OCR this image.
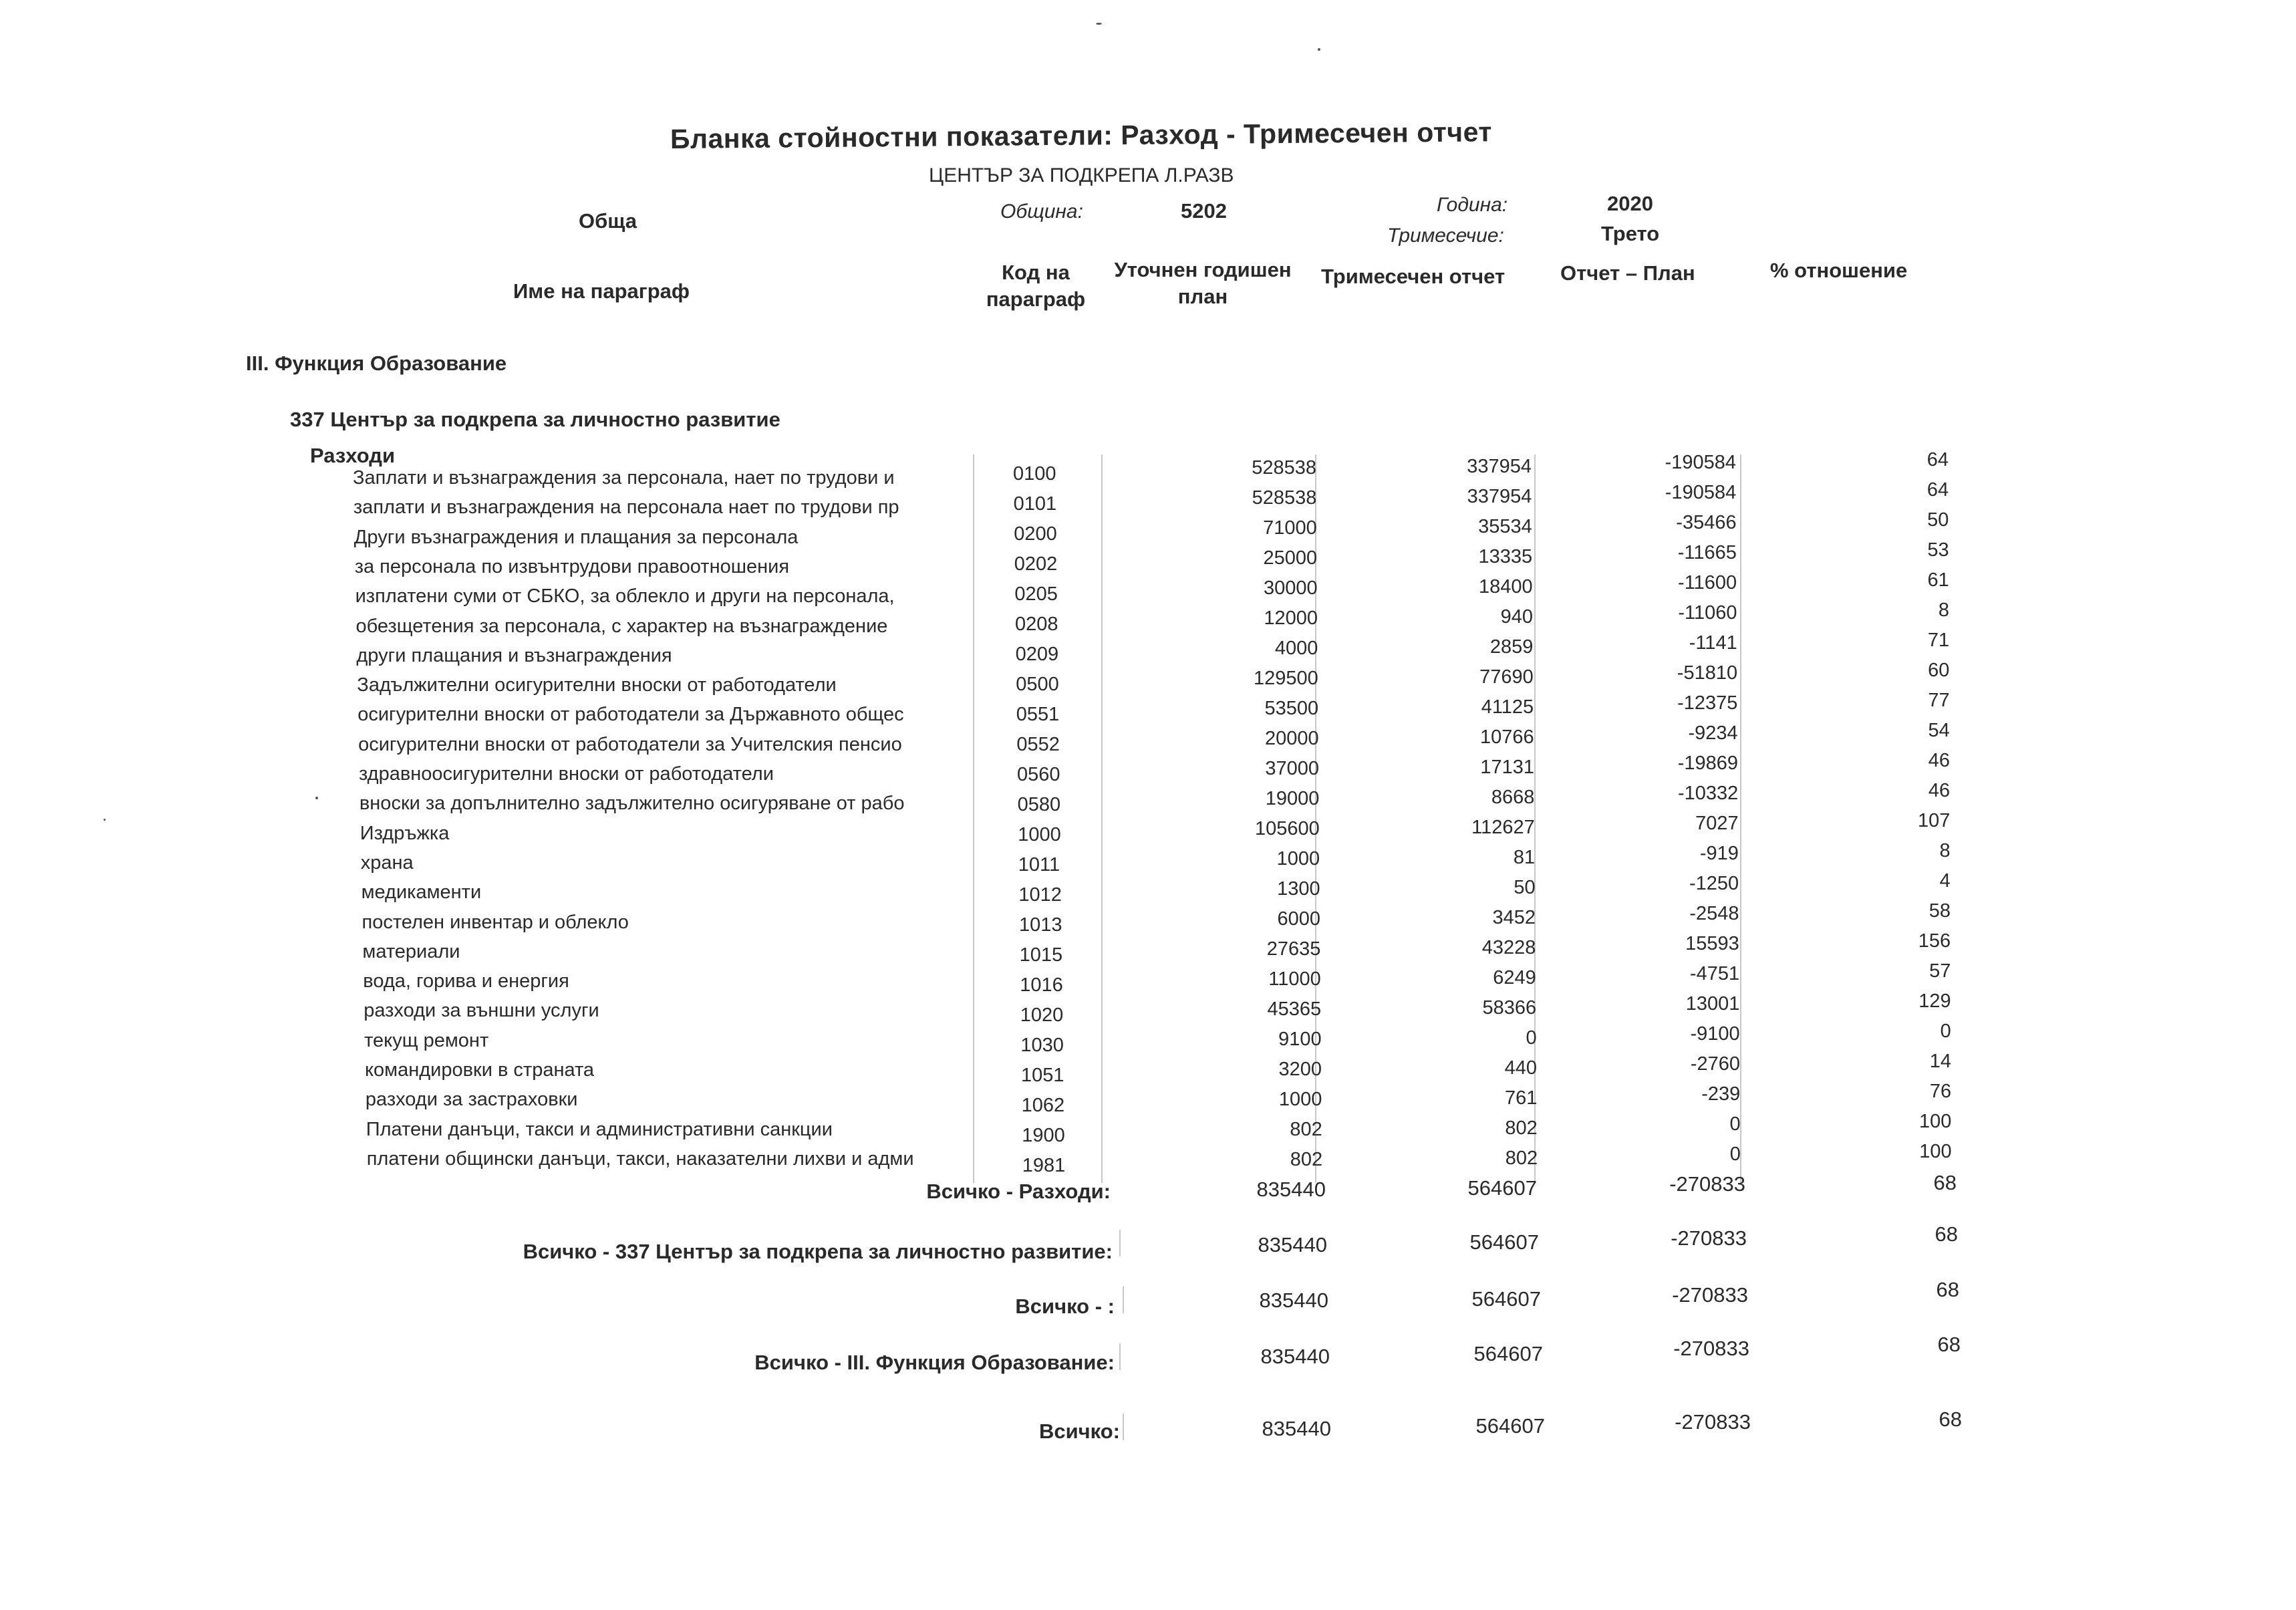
Бланка стойностни показатели: Разход - Тримесечен отчет
ЦЕНТЪР ЗА ПОДКРЕПА Л.РАЗВ
Обща	Община:	5202	Година:	2020
Тримесечие:	Трето
Име на параграф
Код на
параграф
Уточнен годишен
план
Тримесечен отчет	Отчет – План	% отношение
III. Функция Образование
337 Център за подкрепа за личностно развитие
Разходи
Заплати и възнаграждения за персонала, нает по трудови и	0100	528538	337954	-190584	64
заплати и възнаграждения на персонала нает по трудови пр	0101	528538	337954	-190584	64
Други възнаграждения и плащания за персонала	0200	71000	35534	-35466	50
за персонала по извънтрудови правоотношения	0202	25000	13335	-11665	53
изплатени суми от СБКО, за облекло и други на персонала,	0205	30000	18400	-11600	61
обезщетения за персонала, с характер на възнаграждение	0208	12000	940	-11060	8
други плащания и възнаграждения	0209	4000	2859	-1141	71
Задължителни осигурителни вноски от работодатели	0500	129500	77690	-51810	60
осигурителни вноски от работодатели за Държавното общес	0551	53500	41125	-12375	77
осигурителни вноски от работодатели за Учителския пенсио	0552	20000	10766	-9234	54
здравноосигурителни вноски от работодатели	0560	37000	17131	-19869	46
вноски за допълнително задължително осигуряване от рабо	0580	19000	8668	-10332	46
Издръжка	1000	105600	112627	7027	107
храна	1011	1000	81	-919	8
медикаменти	1012	1300	50	-1250	4
постелен инвентар и облекло	1013	6000	3452	-2548	58
материали	1015	27635	43228	15593	156
вода, горива и енергия	1016	11000	6249	-4751	57
разходи за външни услуги	1020	45365	58366	13001	129
текущ ремонт	1030	9100	0	-9100	0
командировки в страната	1051	3200	440	-2760	14
разходи за застраховки	1062	1000	761	-239	76
Платени данъци, такси и административни санкции	1900	802	802	0	100
платени общински данъци, такси, наказателни лихви и адми	1981	802	802	0	100
Всичко - Разходи:	835440	564607	-270833	68
Всичко - 337 Център за подкрепа за личностно развитие:	835440	564607	-270833	68
Всичко - :	835440	564607	-270833	68
Всичко - III. Функция Образование:	835440	564607	-270833	68
Всичко:	835440	564607	-270833	68
